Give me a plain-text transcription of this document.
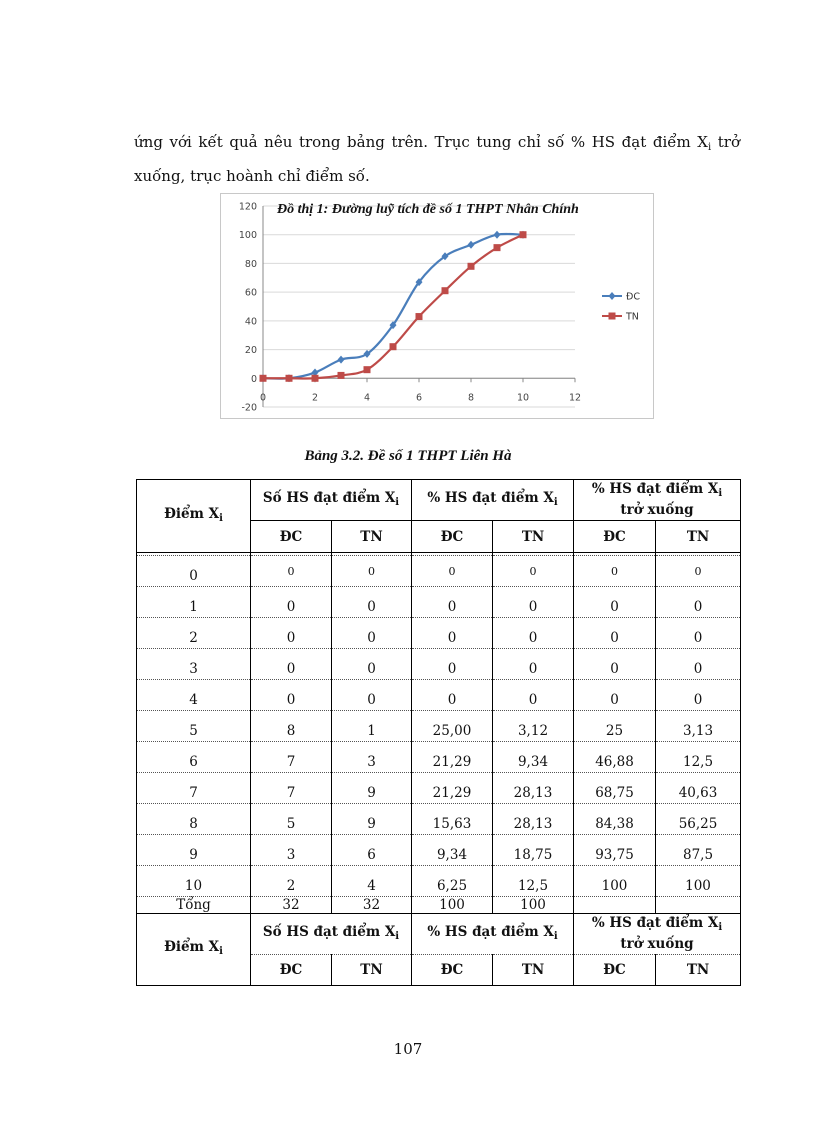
ứng với kết quả nêu trong bảng trên. Trục tung chỉ số % HS đạt điểm $X_i$ trở

xuống, trục hoành chỉ điểm số.

-20
0
20
40
60
80
100
120
0	2	4	6	8	10	12
ĐC
TN
Đồ thị 1: Đường luỹ tích đề số 1 THPT Nhân Chính
Bảng 3.2. Đề số 1 THPT Liên Hà
Điểm $X_i$	Số HS đạt điểm $X_i$		% HS đạt điểm $X_i$		% HS đạt điểm $X_i$
trở xuống	
	ĐC	TN	ĐC	TN	ĐC	TN

0	0	0	0	0	0	0
1	0	0	0	0	0	0
2	0	0	0	0	0	0
3	0	0	0	0	0	0
4	0	0	0	0	0	0
5	8	1	25,00	3,12	25	3,13
6	7	3	21,29	9,34	46,88	12,5
7	7	9	21,29	28,13	68,75	40,63
8	5	9	15,63	28,13	84,38	56,25
9	3	6	9,34	18,75	93,75	87,5
10	2	4	6,25	12,5	100	100
Tổng	32	32	100	100		
Điểm $X_i$	Số HS đạt điểm $X_i$		% HS đạt điểm $X_i$		% HS đạt điểm $X_i$
trở xuống	
	ĐC	TN	ĐC	TN	ĐC	TN
107
